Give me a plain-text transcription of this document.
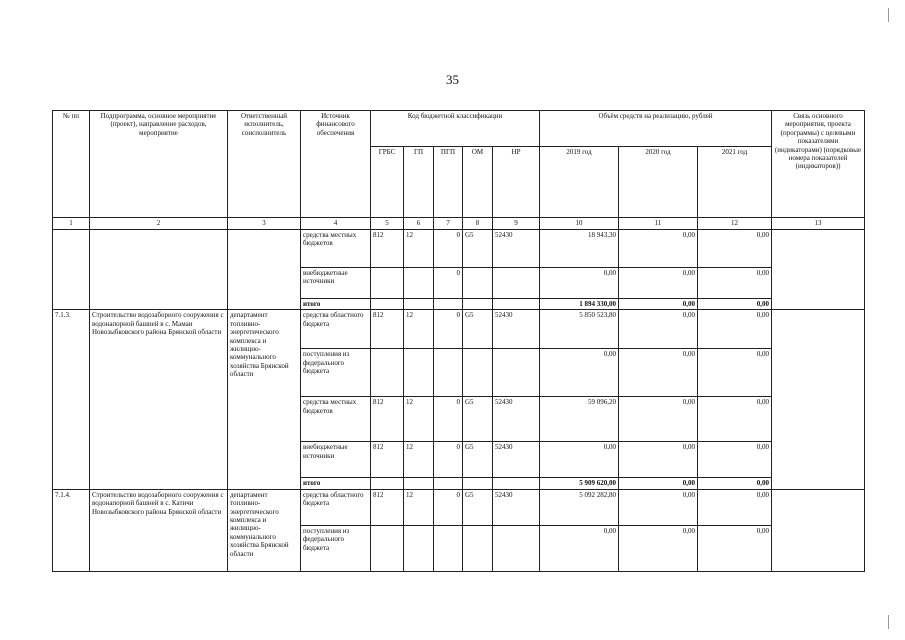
35
№ пп	Подпрограмма, основное мероприятие (проект), направление расходов, мероприятие	Ответственный исполнитель, соисполнитель	Источник финансового обеспечения	Код бюджетной классификации					Объём средств на реализацию, рублей			Связь основного мероприятия, проекта (программы) с целевыми показателями (индикаторами) (порядковые номера показателей (индикаторов))
				ГРБС	ГП	ПГП	ОМ	НР	2019 год	2020 год	2021 год	
1	2	3	4	5	6	7	8	9	10	11	12	13
			средства местных бюджетов	812	12	0	G5	52430	18 943,30	0,00	0,00	
			внебюджетные источники			0			0,00	0,00	0,00	
			итого						1 894 330,00	0,00	0,00	
7.1.3.	Строительство водозаборного сооружения с водонапорной башней в с. Мамаи Новозыбковского района Брянской области	департамент топливно-энергетического комплекса и жилищно-коммунального хозяйства Брянской области	средства областного бюджета	812	12	0	G5	52430	5 850 523,80	0,00	0,00	
			поступления из федерального бюджета						0,00	0,00	0,00	
			средства местных бюджетов	812	12	0	G5	52430	59 096,20	0,00	0,00	
			внебюджетные источники	812	12	0	G5	52430	0,00	0,00	0,00	
			итого						5 909 620,00	0,00	0,00	
7.1.4.	Строительство водозаборного сооружения с водонапорной башней в с. Катичи Новозыбковского района Брянской области	департамент топливно-энергетического комплекса и жилищно-коммунального хозяйства Брянской области	средства областного бюджета	812	12	0	G5	52430	5 092 282,80	0,00	0,00	
			поступления из федерального бюджета						0,00	0,00	0,00	
